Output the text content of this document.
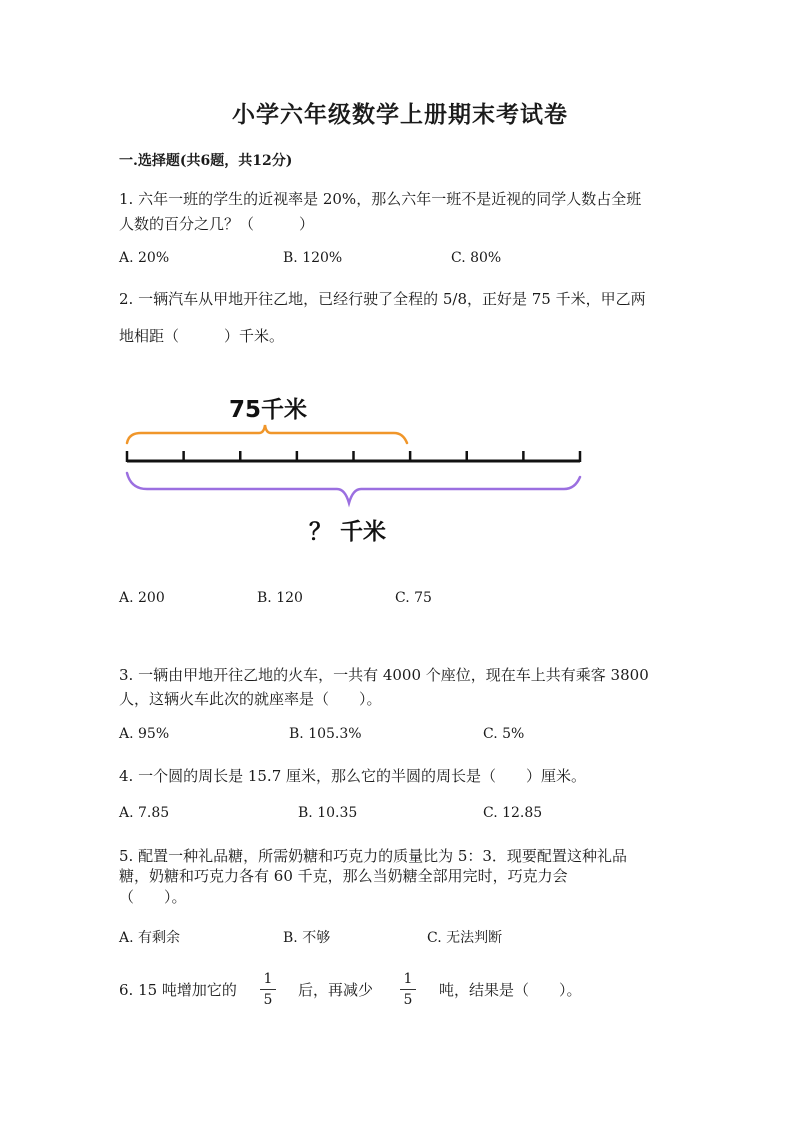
小学六年级数学上册期末考试卷
一.选择题(共6题，共12分)
1. 六年一班的学生的近视率是 20%，那么六年一班不是近视的同学人数占全班
人数的百分之几？（　　　）
A. 20%	B. 120%	C. 80%
2. 一辆汽车从甲地开往乙地，已经行驶了全程的 5/8，正好是 75 千米，甲乙两
地相距（　　　）千米。
75千米
？ 千米
A. 200	B. 120	C. 75
3. 一辆由甲地开往乙地的火车，一共有 4000 个座位，现在车上共有乘客 3800
人，这辆火车此次的就座率是（　　）。
A. 95%	B. 105.3%	C. 5%
4. 一个圆的周长是 15.7 厘米，那么它的半圆的周长是（　　）厘米。
A. 7.85	B. 10.35	C. 12.85
5. 配置一种礼品糖，所需奶糖和巧克力的质量比为 5：3．现要配置这种礼品
糖，奶糖和巧克力各有 60 千克，那么当奶糖全部用完时，巧克力会
（　　）。
A. 有剩余	B. 不够	C. 无法判断
6. 15 吨增加它的
1
5
后，再减少
1
5
吨，结果是（　　）。
